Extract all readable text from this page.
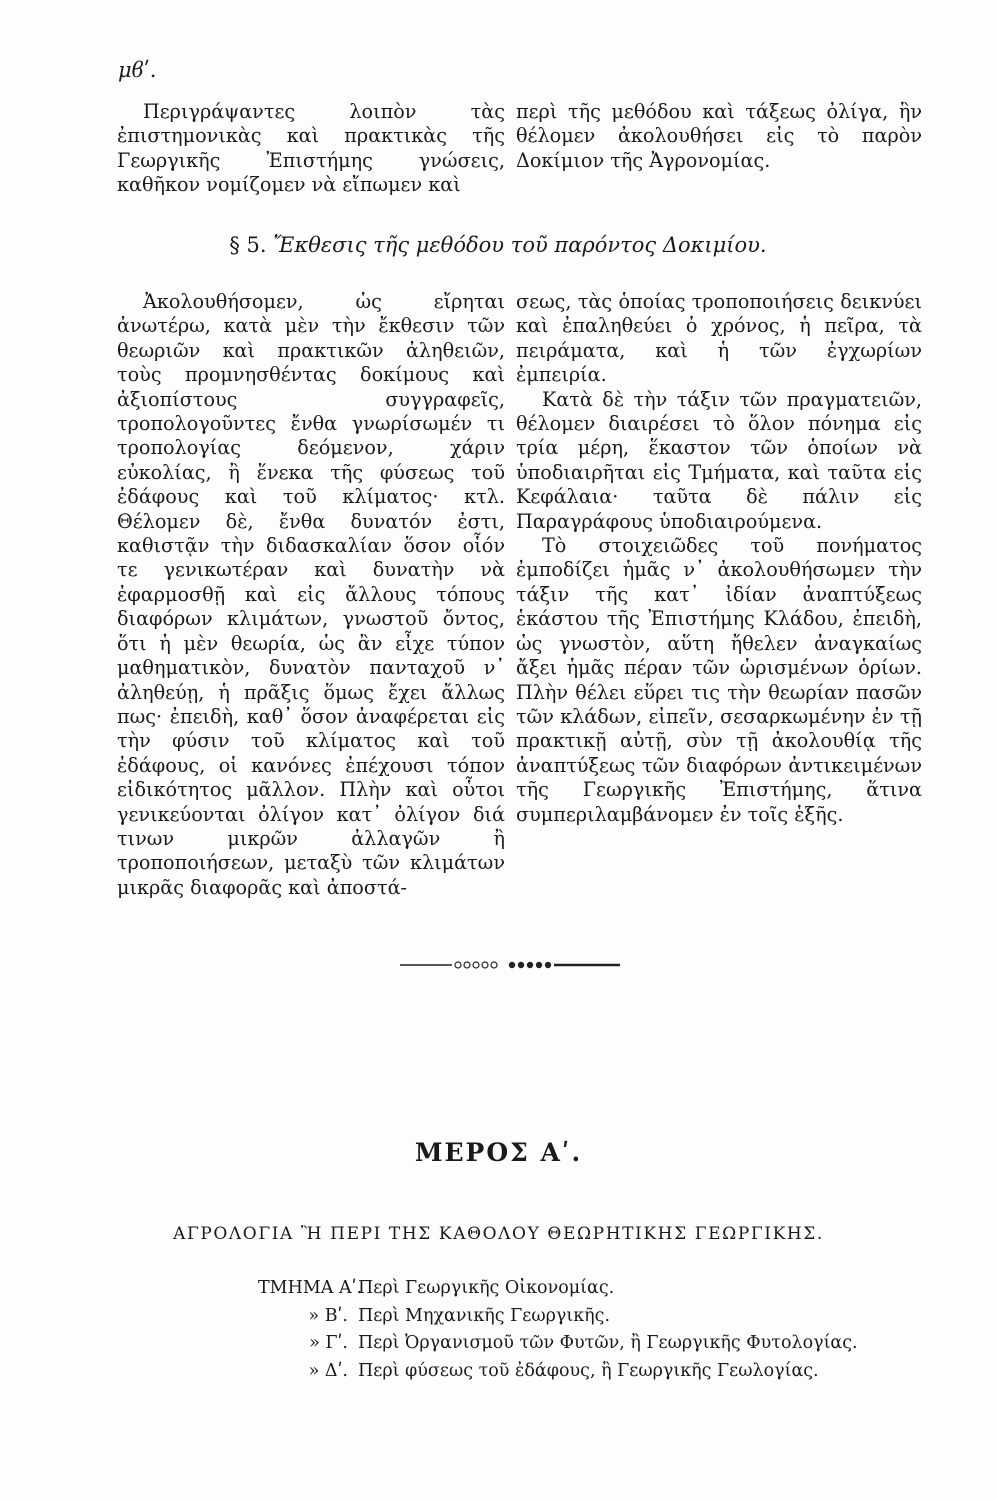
μϐʹ.

Περιγράψαντες λοιπὸν τὰς ἐπιστημονικὰς καὶ πρακτικὰς τῆς Γεωργικῆς Ἐπιστήμης γνώσεις, καθῆκον νομίζομεν νὰ εἴπωμεν καὶ

περὶ τῆς μεθόδου καὶ τάξεως ὀλίγα, ἣν θέλομεν ἀκολουθήσει εἰς τὸ παρὸν Δοκίμιον τῆς Ἀγρονομίας.

§ 5. Ἔκθεσις τῆς μεθόδου τοῦ παρόντος Δοκιμίου.

Ἀκολουθήσομεν, ὡς εἴρηται ἀνωτέρω, κατὰ μὲν τὴν ἔκθεσιν τῶν θεωριῶν καὶ πρακτικῶν ἀληθειῶν, τοὺς προμνησθέντας δοκίμους καὶ ἀξιοπίστους συγγραφεῖς, τροπολογοῦντες ἔνθα γνωρίσωμέν τι τροπολογίας δεόμενον, χάριν εὐκολίας, ἢ ἕνεκα τῆς φύσεως τοῦ ἐδάφους καὶ τοῦ κλίματος· κτλ. Θέλομεν δὲ, ἔνθα δυνατόν ἐστι, καθιστᾷν τὴν διδασκαλίαν ὅσον οἷόν τε γενικωτέραν καὶ δυνατὴν νὰ ἐφαρμοσθῇ καὶ εἰς ἄλλους τόπους διαφόρων κλιμάτων, γνωστοῦ ὄντος, ὅτι ἡ μὲν θεωρία, ὡς ἂν εἶχε τύπον μαθηματικὸν, δυνατὸν πανταχοῦ ν᾽ ἀληθεύῃ, ἡ πρᾶξις ὅμως ἔχει ἄλλως πως· ἐπειδὴ, καθ᾽ ὅσον ἀναφέρεται εἰς τὴν φύσιν τοῦ κλίματος καὶ τοῦ ἐδάφους, οἱ κανόνες ἐπέχουσι τόπον εἰδικότητος μᾶλλον. Πλὴν καὶ οὗτοι γενικεύονται ὀλίγον κατ᾽ ὀλίγον διά τινων μικρῶν ἀλλαγῶν ἢ τροποποιήσεων, μεταξὺ τῶν κλιμάτων μικρᾶς διαφορᾶς καὶ ἀποστά-

σεως, τὰς ὁποίας τροποποιήσεις δεικνύει καὶ ἐπαληθεύει ὁ χρόνος, ἡ πεῖρα, τὰ πειράματα, καὶ ἡ τῶν ἐγχωρίων ἐμπειρία.

Κατὰ δὲ τὴν τάξιν τῶν πραγματειῶν, θέλομεν διαιρέσει τὸ ὅλον πόνημα εἰς τρία μέρη, ἕκαστον τῶν ὁποίων νὰ ὑποδιαιρῆται εἰς Τμήματα, καὶ ταῦτα εἰς Κεφάλαια· ταῦτα δὲ πάλιν εἰς Παραγράφους ὑποδιαιρούμενα.

Τὸ στοιχειῶδες τοῦ πονήματος ἐμποδίζει ἡμᾶς ν᾽ ἀκολουθήσωμεν τὴν τάξιν τῆς κατ᾽ ἰδίαν ἀναπτύξεως ἑκάστου τῆς Ἐπιστήμης Κλάδου, ἐπειδὴ, ὡς γνωστὸν, αὕτη ἤθελεν ἀναγκαίως ἄξει ἡμᾶς πέραν τῶν ὡρισμένων ὁρίων. Πλὴν θέλει εὕρει τις τὴν θεωρίαν πασῶν τῶν κλάδων, εἰπεῖν, σεσαρκωμένην ἐν τῇ πρακτικῇ αὐτῇ, σὺν τῇ ἀκολουθίᾳ τῆς ἀναπτύξεως τῶν διαφόρων ἀντικειμένων τῆς Γεωργικῆς Ἐπιστήμης, ἅτινα συμπεριλαμβάνομεν ἐν τοῖς ἑξῆς.

ΜΕΡΟΣ Αʹ.
ΑΓΡΟΛΟΓΙΑ Ἢ ΠΕΡΙ ΤΗΣ ΚΑΘΟΛΟΥ ΘΕΩΡΗΤΙΚΗΣ ΓΕΩΡΓΙΚΗΣ.
ΤΜΗΜΑ Αʹ.
Περὶ Γεωργικῆς Οἰκονομίας.
» Βʹ. Περὶ Μηχανικῆς Γεωργικῆς.
» Γʹ. Περὶ Ὀργανισμοῦ τῶν Φυτῶν, ἢ Γεωργικῆς Φυτολογίας.
» Δʹ. Περὶ φύσεως τοῦ ἐδάφους, ἢ Γεωργικῆς Γεωλογίας.
